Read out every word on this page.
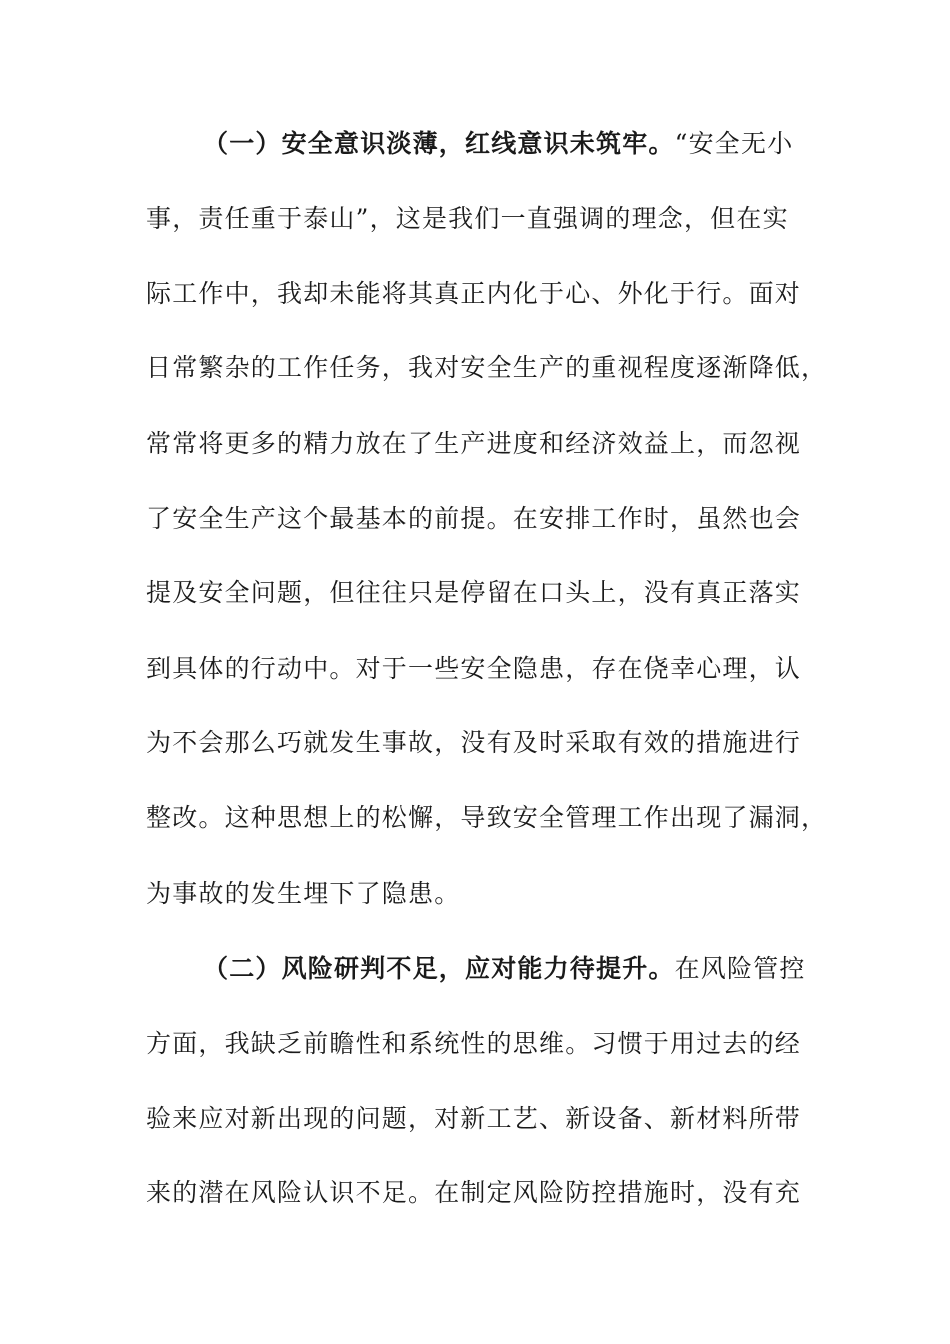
（一）安全意识淡薄，红线意识未筑牢。“安全无小
事，责任重于泰山”，这是我们一直强调的理念，但在实
际工作中，我却未能将其真正内化于心、外化于行。面对
日常繁杂的工作任务，我对安全生产的重视程度逐渐降低，
常常将更多的精力放在了生产进度和经济效益上，而忽视
了安全生产这个最基本的前提。在安排工作时，虽然也会
提及安全问题，但往往只是停留在口头上，没有真正落实
到具体的行动中。对于一些安全隐患，存在侥幸心理，认
为不会那么巧就发生事故，没有及时采取有效的措施进行
整改。这种思想上的松懈，导致安全管理工作出现了漏洞，
为事故的发生埋下了隐患。
（二）风险研判不足，应对能力待提升。在风险管控
方面，我缺乏前瞻性和系统性的思维。习惯于用过去的经
验来应对新出现的问题，对新工艺、新设备、新材料所带
来的潜在风险认识不足。在制定风险防控措施时，没有充
